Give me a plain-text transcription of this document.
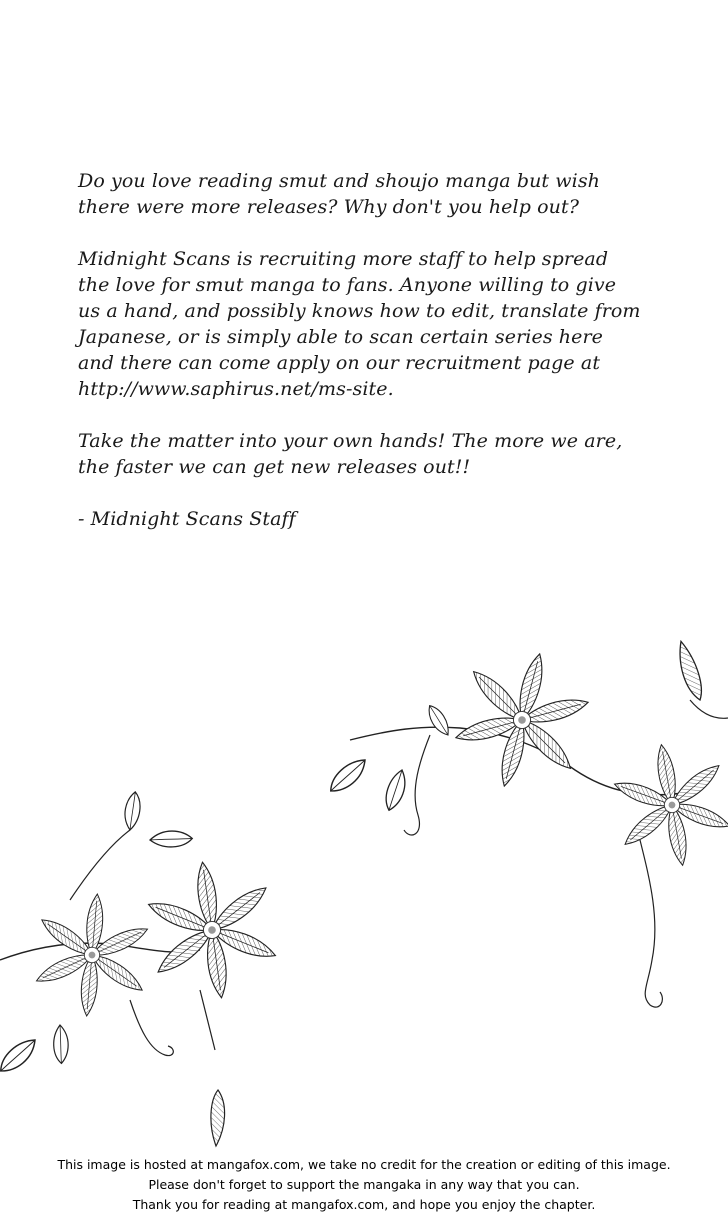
Do you love reading smut and shoujo manga but wish
there were more releases? Why don't you help out?

Midnight Scans is recruiting more staff to help spread
the love for smut manga to fans. Anyone willing to give
us a hand, and possibly knows how to edit, translate from
Japanese, or is simply able to scan certain series here
and there can come apply on our recruitment page at
http://www.saphirus.net/ms-site.

Take the matter into your own hands! The more we are,
the faster we can get new releases out!!

- Midnight Scans Staff

This image is hosted at mangafox.com, we take no credit for the creation or editing of this image.
Please don't forget to support the mangaka in any way that you can.
Thank you for reading at mangafox.com, and hope you enjoy the chapter.
